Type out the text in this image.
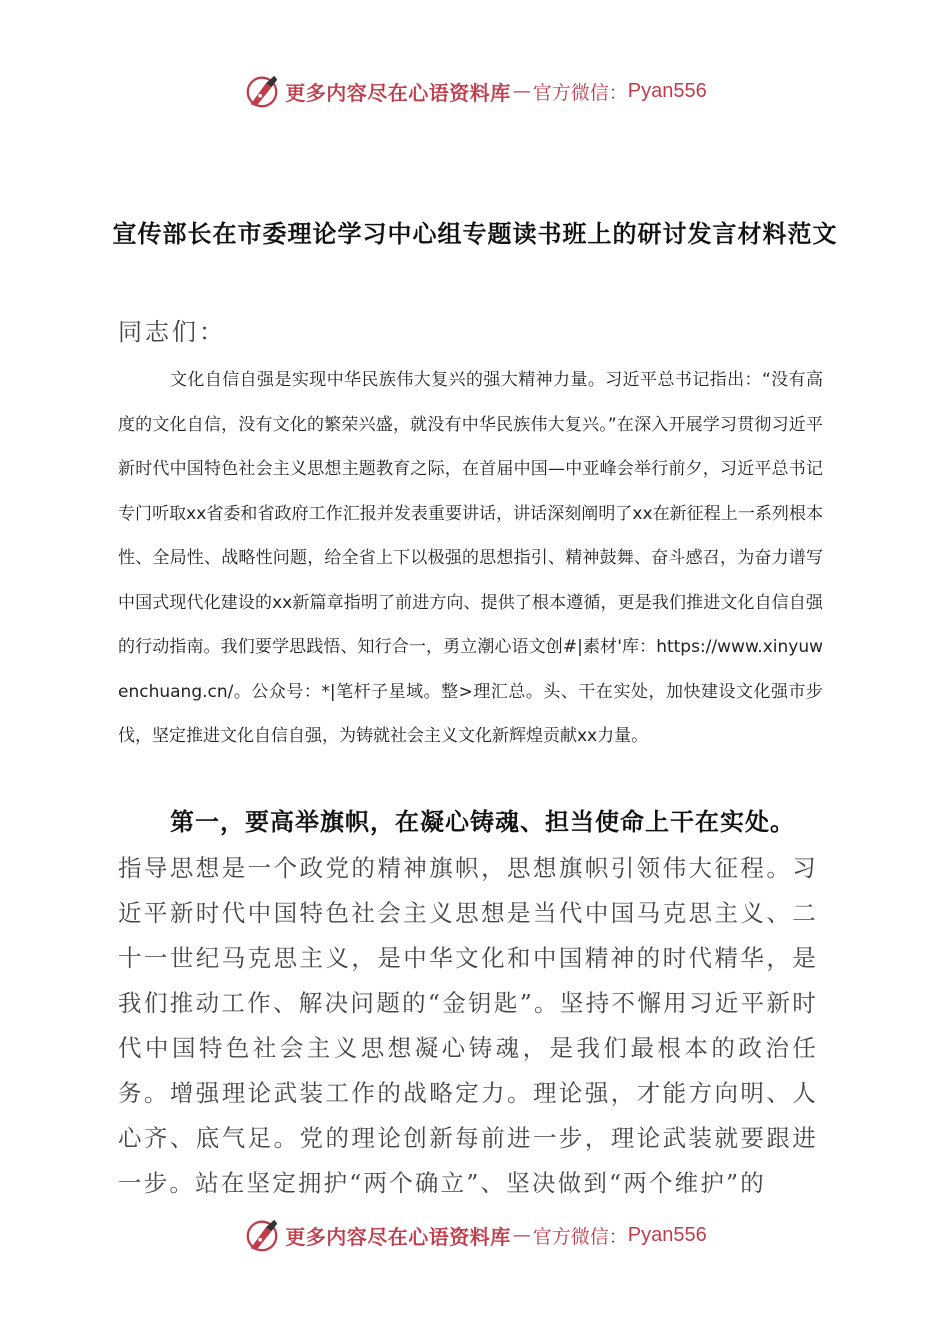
更多内容尽在心语资料库 — 官方微信： Pyan556
宣传部长在市委理论学习中心组专题读书班上的研讨发言材料范文
同志们：
文化自信自强是实现中华民族伟大复兴的强大精神力量。习近平总书记指出：“没有高度的文化自信，没有文化的繁荣兴盛，就没有中华民族伟大复兴。”在深入开展学习贯彻习近平新时代中国特色社会主义思想主题教育之际，在首届中国—中亚峰会举行前夕，习近平总书记专门听取xx省委和省政府工作汇报并发表重要讲话，讲话深刻阐明了xx在新征程上一系列根本性、全局性、战略性问题，给全省上下以极强的思想指引、精神鼓舞、奋斗感召，为奋力谱写中国式现代化建设的xx新篇章指明了前进方向、提供了根本遵循，更是我们推进文化自信自强的行动指南。我们要学思践悟、知行合一，勇立潮心语文创#|素材'库：https://www.xinyuwenchuang.cn/。公众号：*|笔杆子星域。整>理汇总。头、干在实处，加快建设文化强市步伐，坚定推进文化自信自强，为铸就社会主义文化新辉煌贡献xx力量。
第一，要高举旗帜，在凝心铸魂、担当使命上干在实处。
指导思想是一个政党的精神旗帜，思想旗帜引领伟大征程。习近平新时代中国特色社会主义思想是当代中国马克思主义、二十一世纪马克思主义，是中华文化和中国精神的时代精华，是我们推动工作、解决问题的“金钥匙”。坚持不懈用习近平新时代中国特色社会主义思想凝心铸魂，是我们最根本的政治任务。增强理论武装工作的战略定力。理论强，才能方向明、人心齐、底气足。党的理论创新每前进一步，理论武装就要跟进一步。站在坚定拥护“两个确立”、坚决做到“两个维护”的
更多内容尽在心语资料库 — 官方微信： Pyan556
